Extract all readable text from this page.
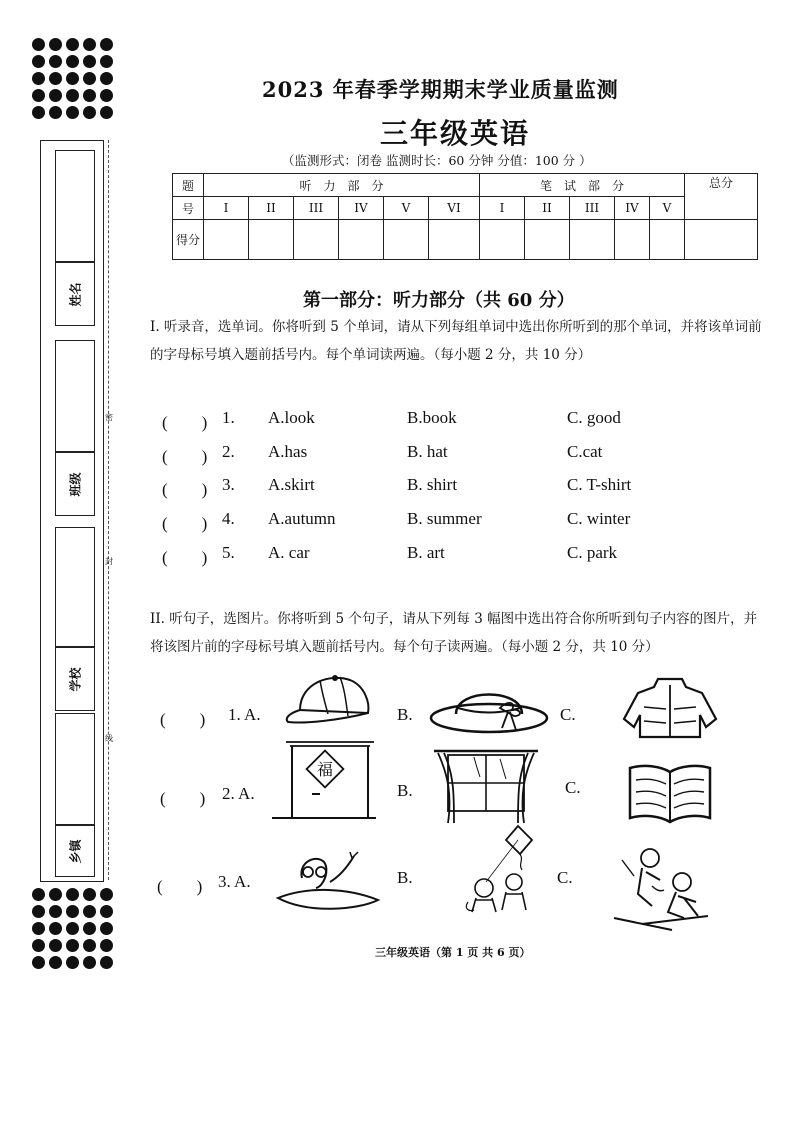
姓名
班级
学校
乡镇
密
封
线
2023 年春季学期期末学业质量监测
三年级英语
（监测形式：闭卷 监测时长：60 分钟 分值：100 分 ）
题	听　力　部　分						笔　试　部　分					总分
号	I	II	III	IV	V	VI	I	II	III	IV	V	
得分												
第一部分：听力部分（共 60 分）
I. 听录音，选单词。你将听到 5 个单词，请从下列每组单词中选出你所听到的那个单词，并将该单词前的字母标号填入题前括号内。每个单词读两遍。（每小题 2 分，共 10 分）
(　　) 1. A.look	B.book	C. good
(　　) 2. A.has	B. hat	C.cat
(　　) 3. A.skirt	B. shirt	C. T-shirt
(　　) 4. A.autumn	B. summer	C. winter
(　　) 5. A. car	B. art	C. park
II. 听句子，选图片。你将听到 5 个句子，请从下列每 3 幅图中选出符合你所听到句子内容的图片，并将该图片前的字母标号填入题前括号内。每个句子读两遍。（每小题 2 分，共 10 分）
(　　) 1. A.	B.	C.
(　　) 2. A.	B.	C.
(　　) 3. A.	B.	C.
福
三年级英语（第 1 页 共 6 页）
